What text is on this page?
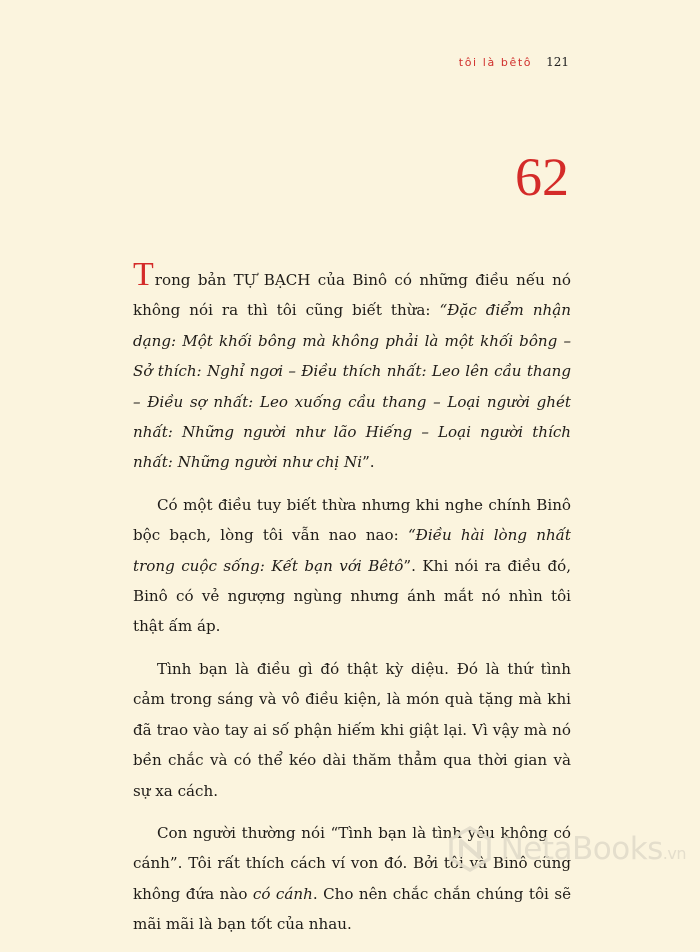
tôi là bêtô 121
62

Trong bản TỰ BẠCH của Binô có những điều nếu nó không nói ra thì tôi cũng biết thừa: “Đặc điểm nhận dạng: Một khối bông mà không phải là một khối bông – Sở thích: Nghỉ ngơi – Điều thích nhất: Leo lên cầu thang – Điều sợ nhất: Leo xuống cầu thang – Loại người ghét nhất: Những người như lão Hiếng – Loại người thích nhất: Những người như chị Ni”.

Có một điều tuy biết thừa nhưng khi nghe chính Binô bộc bạch, lòng tôi vẫn nao nao: “Điều hài lòng nhất trong cuộc sống: Kết bạn với Bêtô”. Khi nói ra điều đó, Binô có vẻ ngượng ngùng nhưng ánh mắt nó nhìn tôi thật ấm áp.

Tình bạn là điều gì đó thật kỳ diệu. Đó là thứ tình cảm trong sáng và vô điều kiện, là món quà tặng mà khi đã trao vào tay ai số phận hiếm khi giật lại. Vì vậy mà nó bền chắc và có thể kéo dài thăm thẳm qua thời gian và sự xa cách.

Con người thường nói “Tình bạn là tình yêu không có cánh”. Tôi rất thích cách ví von đó. Bởi tôi và Binô cũng không đứa nào có cánh. Cho nên chắc chắn chúng tôi sẽ mãi mãi là bạn tốt của nhau.

NetaBooks.vn
